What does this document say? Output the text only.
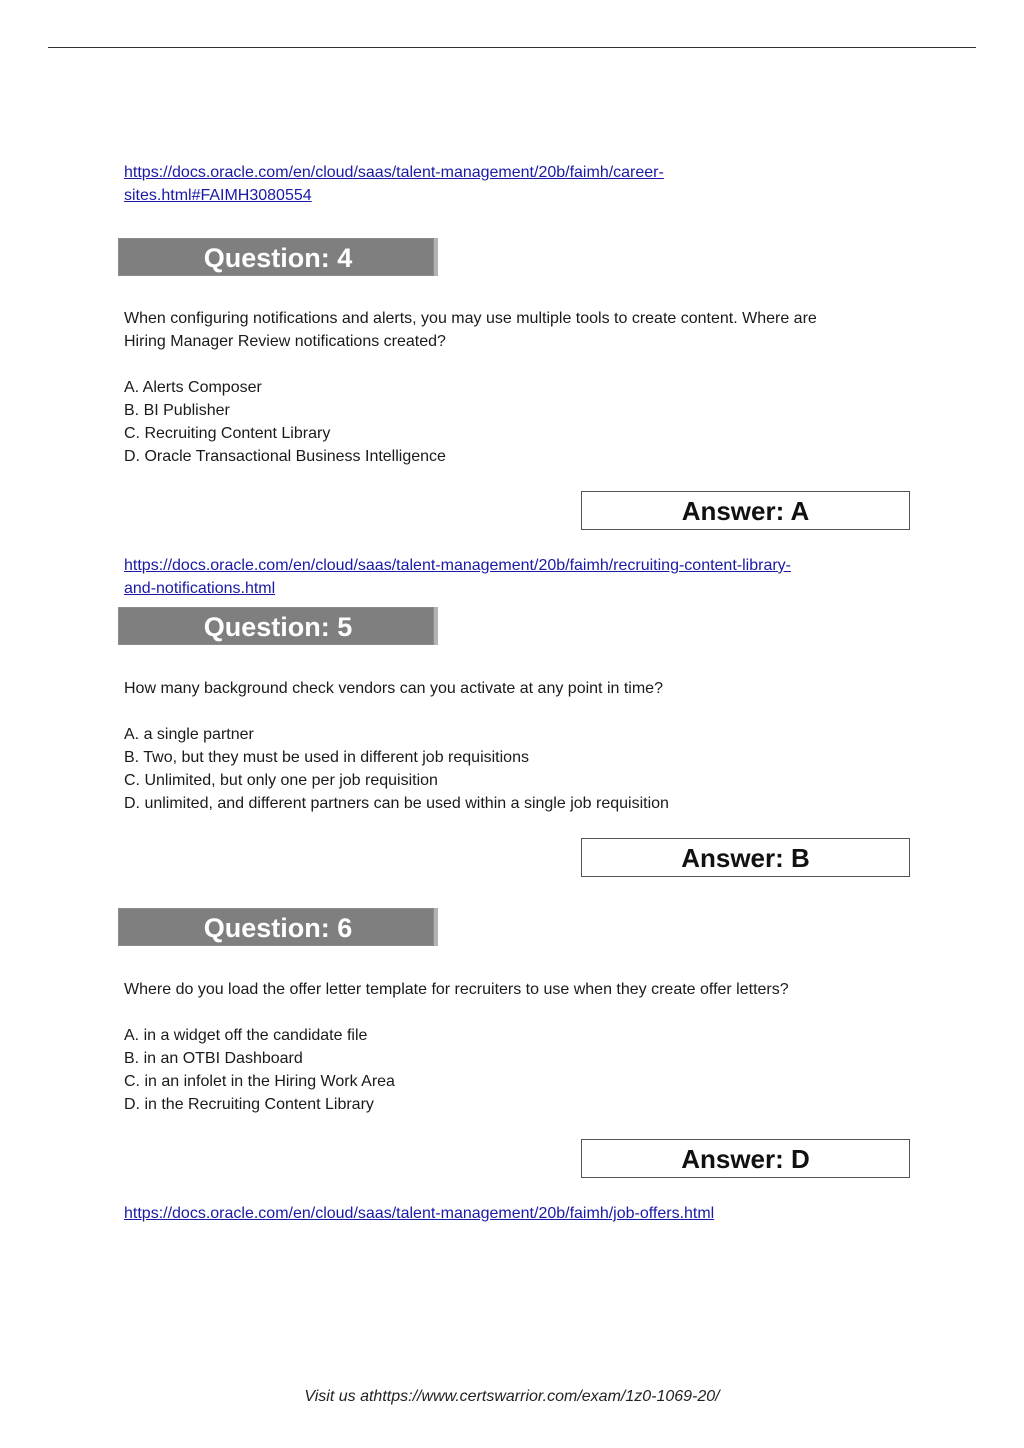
https://docs.oracle.com/en/cloud/saas/talent-management/20b/faimh/career-
sites.html#FAIMH3080554
Question: 4

When configuring notifications and alerts, you may use multiple tools to create content. Where are

Hiring Manager Review notifications created?

A. Alerts Composer
B. BI Publisher
C. Recruiting Content Library
D. Oracle Transactional Business Intelligence
Answer: A
https://docs.oracle.com/en/cloud/saas/talent-management/20b/faimh/recruiting-content-library-
and-notifications.html
Question: 5

How many background check vendors can you activate at any point in time?

A. a single partner
B. Two, but they must be used in different job requisitions
C. Unlimited, but only one per job requisition
D. unlimited, and different partners can be used within a single job requisition
Answer: B
Question: 6

Where do you load the offer letter template for recruiters to use when they create offer letters?

A. in a widget off the candidate file
B. in an OTBI Dashboard
C. in an infolet in the Hiring Work Area
D. in the Recruiting Content Library
Answer: D
https://docs.oracle.com/en/cloud/saas/talent-management/20b/faimh/job-offers.html
Visit us athttps://www.certswarrior.com/exam/1z0-1069-20/
